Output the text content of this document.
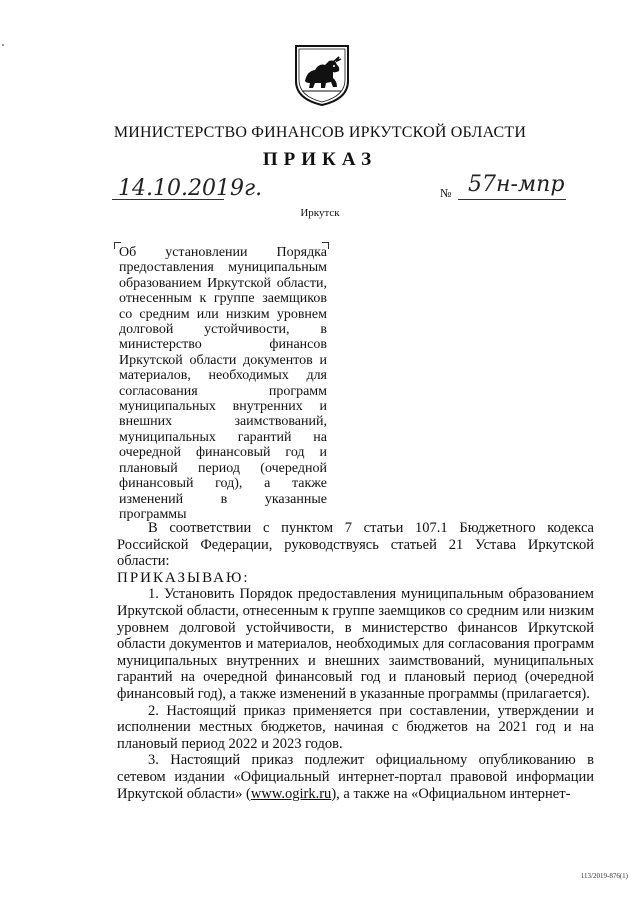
МИНИСТЕРСТВО ФИНАНСОВ ИРКУТСКОЙ ОБЛАСТИ
ПРИКАЗ
14.10.2019г.	№ 57н-мпр
Иркутск
Об установлении Порядка предоставления муниципальным образованием Иркутской области, отнесенным к группе заемщиков со средним или низким уровнем долговой устойчивости, в министерство финансов Иркутской области документов и материалов, необходимых для согласования программ муниципальных внутренних и внешних заимствований, муниципальных гарантий на очередной финансовый год и плановый период (очередной финансовый год), а также изменений в указанные программы

В соответствии с пунктом 7 статьи 107.1 Бюджетного кодекса Российской Федерации, руководствуясь статьей 21 Устава Иркутской области:

ПРИКАЗЫВАЮ:

1. Установить Порядок предоставления муниципальным образованием Иркутской области, отнесенным к группе заемщиков со средним или низким уровнем долговой устойчивости, в министерство финансов Иркутской области документов и материалов, необходимых для согласования программ муниципальных внутренних и внешних заимствований, муниципальных гарантий на очередной финансовый год и плановый период (очередной финансовый год), а также изменений в указанные программы (прилагается).

2. Настоящий приказ применяется при составлении, утверждении и исполнении местных бюджетов, начиная с бюджетов на 2021 год и на плановый период 2022 и 2023 годов.

3. Настоящий приказ подлежит официальному опубликованию в сетевом издании «Официальный интернет-портал правовой информации Иркутской области» (www.ogirk.ru), а также на «Официальном интернет-

113/2019-876(1)
